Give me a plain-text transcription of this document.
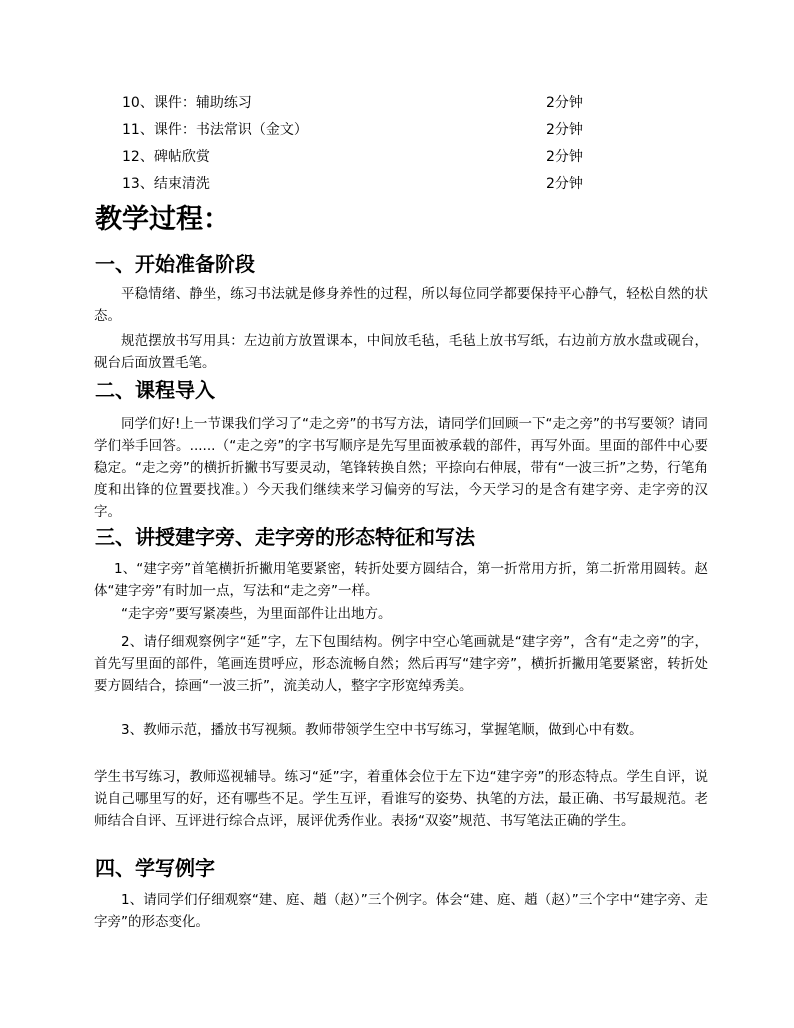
10、课件：辅助练习	2分钟
11、课件：书法常识（金文）	2分钟
12、碑帖欣赏	2分钟
13、结束清洗	2分钟
教学过程：
一、开始准备阶段
平稳情绪、静坐，练习书法就是修身养性的过程，所以每位同学都要保持平心静气，轻松自然的状态。
规范摆放书写用具：左边前方放置课本，中间放毛毡，毛毡上放书写纸，右边前方放水盘或砚台，砚台后面放置毛笔。
二、课程导入
同学们好!上一节课我们学习了“走之旁”的书写方法，请同学们回顾一下“走之旁”的书写要领？请同学们举手回答。......（“走之旁”的字书写顺序是先写里面被承载的部件，再写外面。里面的部件中心要稳定。“走之旁”的横折折撇书写要灵动，笔锋转换自然；平捺向右伸展，带有“一波三折”之势，行笔角度和出锋的位置要找准。）今天我们继续来学习偏旁的写法，今天学习的是含有建字旁、走字旁的汉字。
三、讲授建字旁、走字旁的形态特征和写法
1、“建字旁”首笔横折折撇用笔要紧密，转折处要方圆结合，第一折常用方折，第二折常用圆转。赵体“建字旁”有时加一点，写法和“走之旁”一样。
“走字旁”要写紧凑些，为里面部件让出地方。
2、请仔细观察例字“延”字，左下包围结构。例字中空心笔画就是“建字旁”，含有“走之旁”的字，首先写里面的部件，笔画连贯呼应，形态流畅自然；然后再写“建字旁”，横折折撇用笔要紧密，转折处要方圆结合，捺画“一波三折”，流美动人，整字字形宽绰秀美。
3、教师示范，播放书写视频。教师带领学生空中书写练习，掌握笔顺，做到心中有数。
学生书写练习，教师巡视辅导。练习“延”字，着重体会位于左下边“建字旁”的形态特点。学生自评，说说自己哪里写的好，还有哪些不足。学生互评，看谁写的姿势、执笔的方法，最正确、书写最规范。老师结合自评、互评进行综合点评，展评优秀作业。表扬“双姿”规范、书写笔法正确的学生。
四、学写例字
1、请同学们仔细观察“建、庭、趙（赵）”三个例字。体会“建、庭、趙（赵）”三个字中“建字旁、走字旁”的形态变化。
